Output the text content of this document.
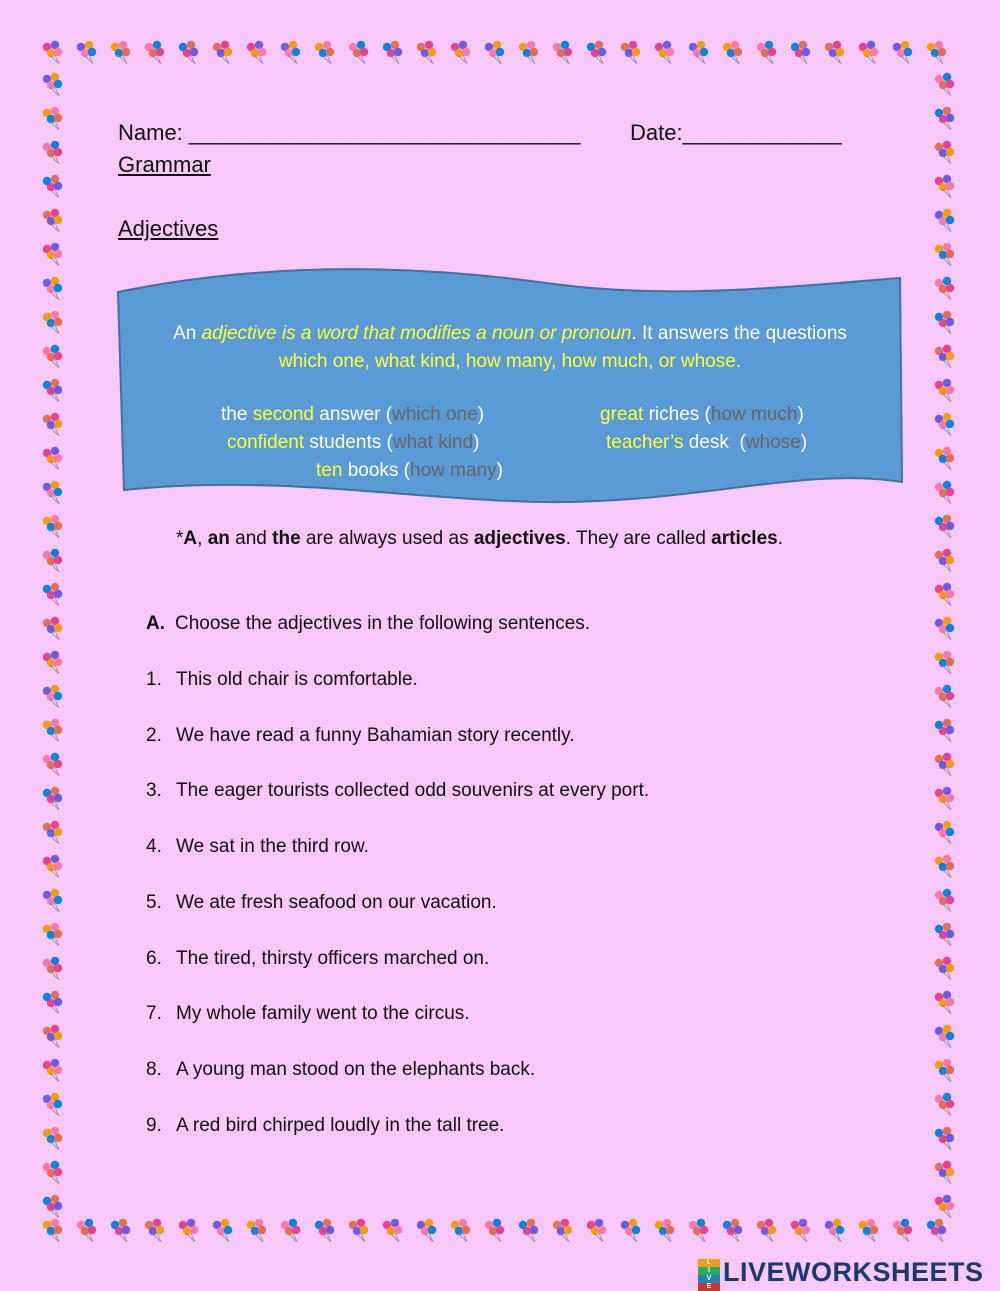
Name: ________________________________ Date:_____________
Grammar
Adjectives
An adjective is a word that modifies a noun or pronoun. It answers the questions
which one, what kind, how many, how much, or whose.
the second answer (which one)	great riches (how much)
confident students (what kind)	teacher’s desk  (whose)
ten books (how many)
*A, an and the are always used as adjectives. They are called articles.
A. Choose the adjectives in the following sentences.
1. This old chair is comfortable.
2. We have read a funny Bahamian story recently.
3. The eager tourists collected odd souvenirs at every port.
4. We sat in the third row.
5. We ate fresh seafood on our vacation.
6. The tired, thirsty officers marched on.
7. My whole family went to the circus.
8. A young man stood on the elephants back.
9. A red bird chirped loudly in the tall tree.
L
I
V
E LIVEWORKSHEETS
